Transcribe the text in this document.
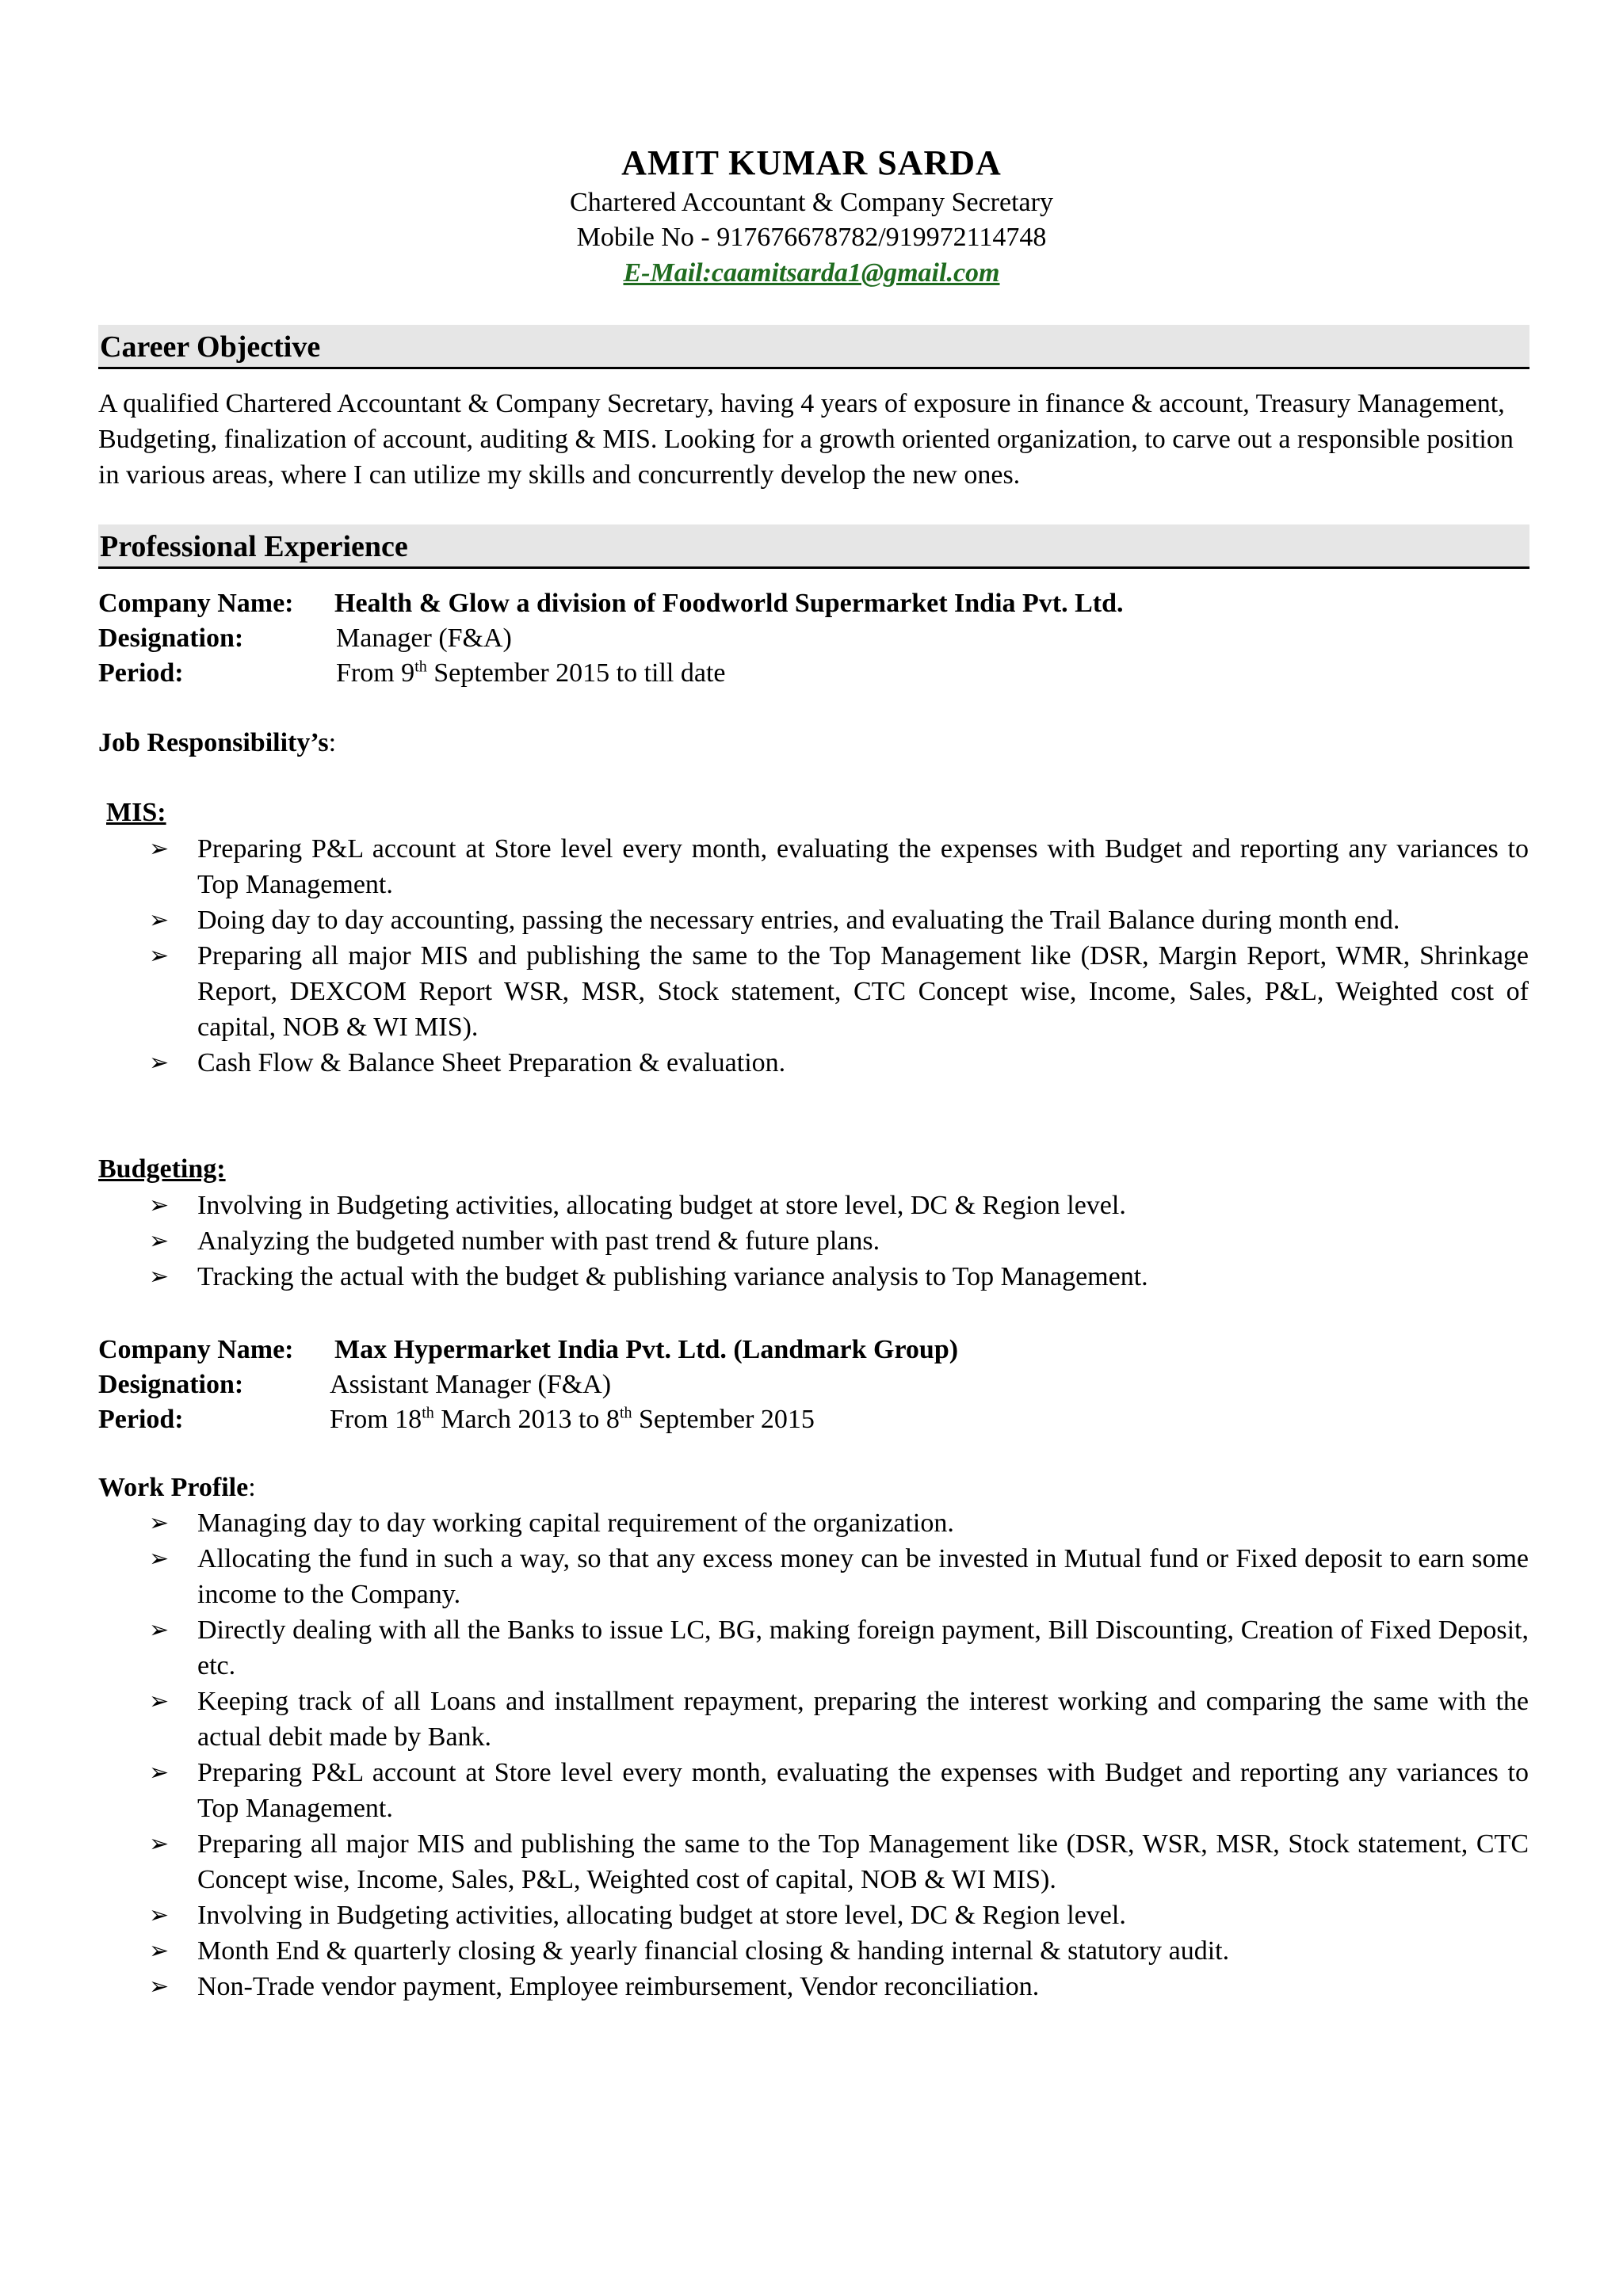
AMIT KUMAR SARDA
Chartered Accountant & Company Secretary
Mobile No - 917676678782/919972114748
E-Mail:caamitsarda1@gmail.com
Career Objective
A qualified Chartered Accountant & Company Secretary, having 4 years of exposure in finance & account, Treasury Management, Budgeting, finalization of account, auditing & MIS. Looking for a growth oriented organization, to carve out a responsible position in various areas, where I can utilize my skills and concurrently develop the new ones.
Professional Experience
Company Name: Health & Glow a division of Foodworld Supermarket India Pvt. Ltd.
Designation:	Manager (F&A)
Period:	From 9th September 2015 to till date
Job Responsibility’s:
MIS:
➢ Preparing P&L account at Store level every month, evaluating the expenses with Budget and reporting any variances to Top Management.
➢ Doing day to day accounting, passing the necessary entries, and evaluating the Trail Balance during month end.
➢ Preparing all major MIS and publishing the same to the Top Management like (DSR, Margin Report, WMR, Shrinkage Report, DEXCOM Report WSR, MSR, Stock statement, CTC Concept wise, Income, Sales, P&L, Weighted cost of capital, NOB & WI MIS).
➢ Cash Flow & Balance Sheet Preparation & evaluation.
Budgeting:
➢ Involving in Budgeting activities, allocating budget at store level, DC & Region level.
➢ Analyzing the budgeted number with past trend & future plans.
➢ Tracking the actual with the budget & publishing variance analysis to Top Management.
Company Name: Max Hypermarket India Pvt. Ltd. (Landmark Group)
Designation:	Assistant Manager (F&A)
Period:	From 18th March 2013 to 8th September 2015
Work Profile:
➢ Managing day to day working capital requirement of the organization.
➢ Allocating the fund in such a way, so that any excess money can be invested in Mutual fund or Fixed deposit to earn some income to the Company.
➢ Directly dealing with all the Banks to issue LC, BG, making foreign payment, Bill Discounting, Creation of Fixed Deposit, etc.
➢ Keeping track of all Loans and installment repayment, preparing the interest working and comparing the same with the actual debit made by Bank.
➢ Preparing P&L account at Store level every month, evaluating the expenses with Budget and reporting any variances to Top Management.
➢ Preparing all major MIS and publishing the same to the Top Management like (DSR, WSR, MSR, Stock statement, CTC Concept wise, Income, Sales, P&L, Weighted cost of capital, NOB & WI MIS).
➢ Involving in Budgeting activities, allocating budget at store level, DC & Region level.
➢ Month End & quarterly closing & yearly financial closing & handing internal & statutory audit.
➢ Non-Trade vendor payment, Employee reimbursement, Vendor reconciliation.
